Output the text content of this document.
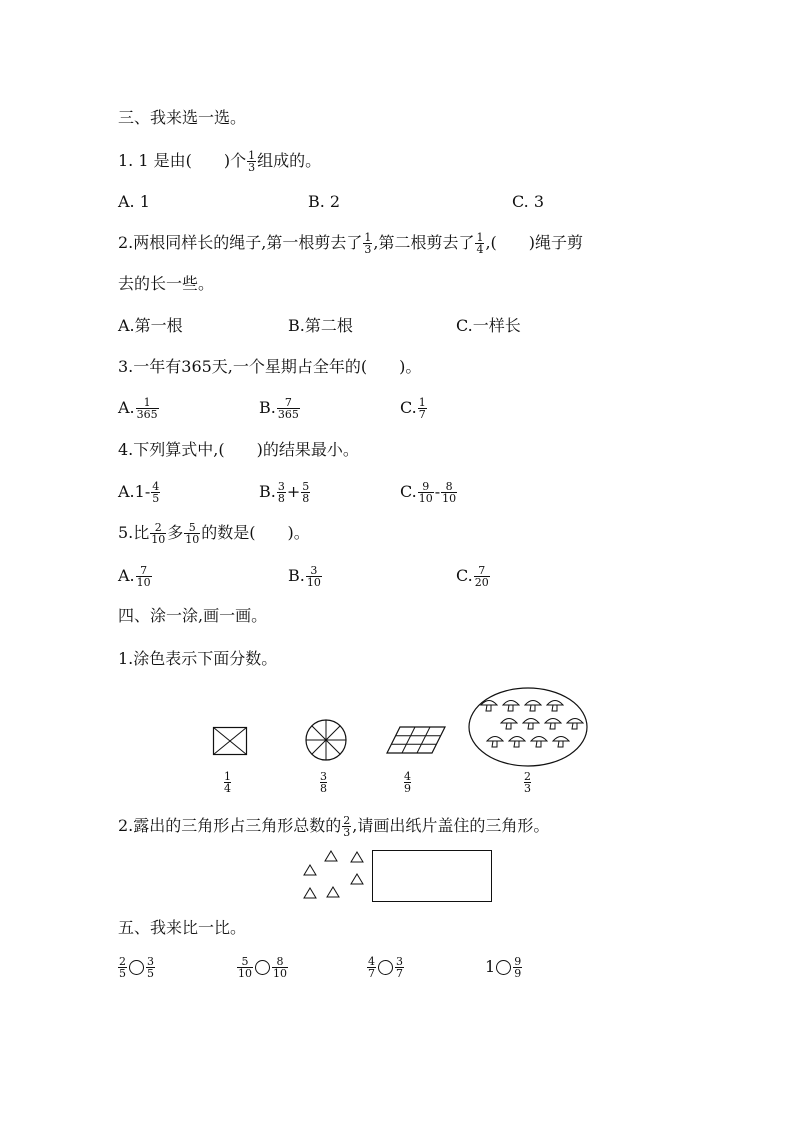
三、我来选一选。
1. 1 是由(　　)个 $\frac{1}{3}$ 组成的。
A. 1	B. 2	C. 3
2.两根同样长的绳子,第一根剪去了 $\frac{1}{3}$ ,第二根剪去了 $\frac{1}{4}$ ,(　　)绳子剪
去的长一些。
A.第一根	B.第二根	C.一样长
3.一年有365天,一个星期占全年的(　　)。
A. $\frac{1}{365}$	B. $\frac{7}{365}$	C. $\frac{1}{7}$
4.下列算式中,(　　)的结果最小。
$A.1- \frac{4}{5}$	B. $\frac{3}{8} + \frac{5}{8}$	C. $\frac{9}{10} - \frac{8}{10}$
5.比 $\frac{2}{10}$ 多 $\frac{5}{10}$ 的数是(　　)。
A. $\frac{7}{10}$	B. $\frac{3}{10}$	C. $\frac{7}{20}$
四、涂一涂,画一画。
1.涂色表示下面分数。
1
4
3
8
4
9
2
3
2.露出的三角形占三角形总数的 $\frac{2}{3}$ ,请画出纸片盖住的三角形。
五、我来比一比。
$\frac{2}{5} \frac{3}{5}$	$\frac{5}{10} \frac{8}{10}$	$\frac{4}{7} \frac{3}{7}$	$1 \frac{9}{9}$
